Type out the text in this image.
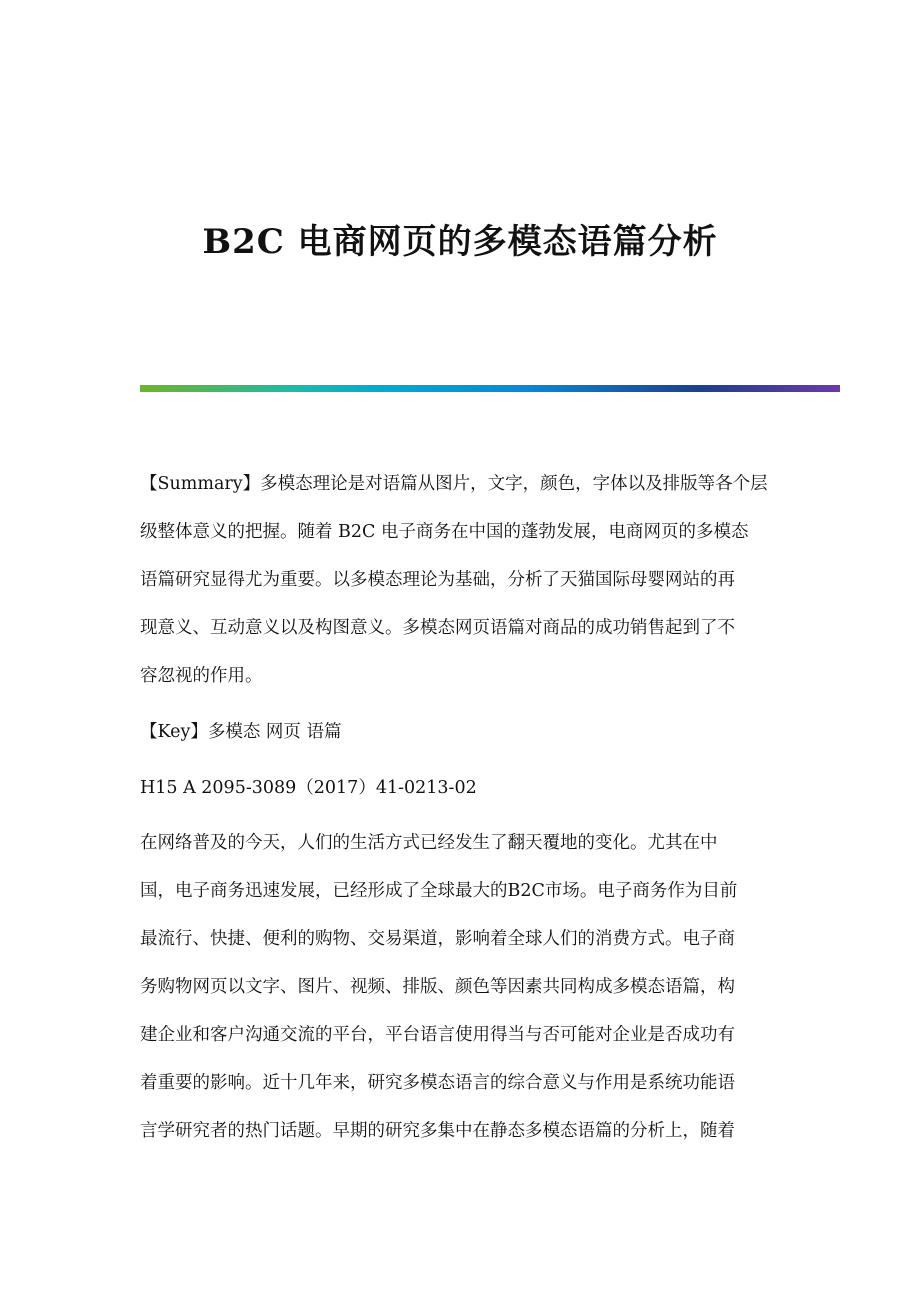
B2C 电商网页的多模态语篇分析
【Summary】多模态理论是对语篇从图片，文字，颜色，字体以及排版等各个层
级整体意义的把握。随着 B2C 电子商务在中国的蓬勃发展，电商网页的多模态
语篇研究显得尤为重要。以多模态理论为基础，分析了天猫国际母婴网站的再
现意义、互动意义以及构图意义。多模态网页语篇对商品的成功销售起到了不
容忽视的作用。
【Key】多模态 网页 语篇
H15 A 2095-3089（2017）41-0213-02
在网络普及的今天，人们的生活方式已经发生了翻天覆地的变化。尤其在中
国，电子商务迅速发展，已经形成了全球最大的B2C市场。电子商务作为目前
最流行、快捷、便利的购物、交易渠道，影响着全球人们的消费方式。电子商
务购物网页以文字、图片、视频、排版、颜色等因素共同构成多模态语篇，构
建企业和客户沟通交流的平台，平台语言使用得当与否可能对企业是否成功有
着重要的影响。近十几年来，研究多模态语言的综合意义与作用是系统功能语
言学研究者的热门话题。早期的研究多集中在静态多模态语篇的分析上，随着
